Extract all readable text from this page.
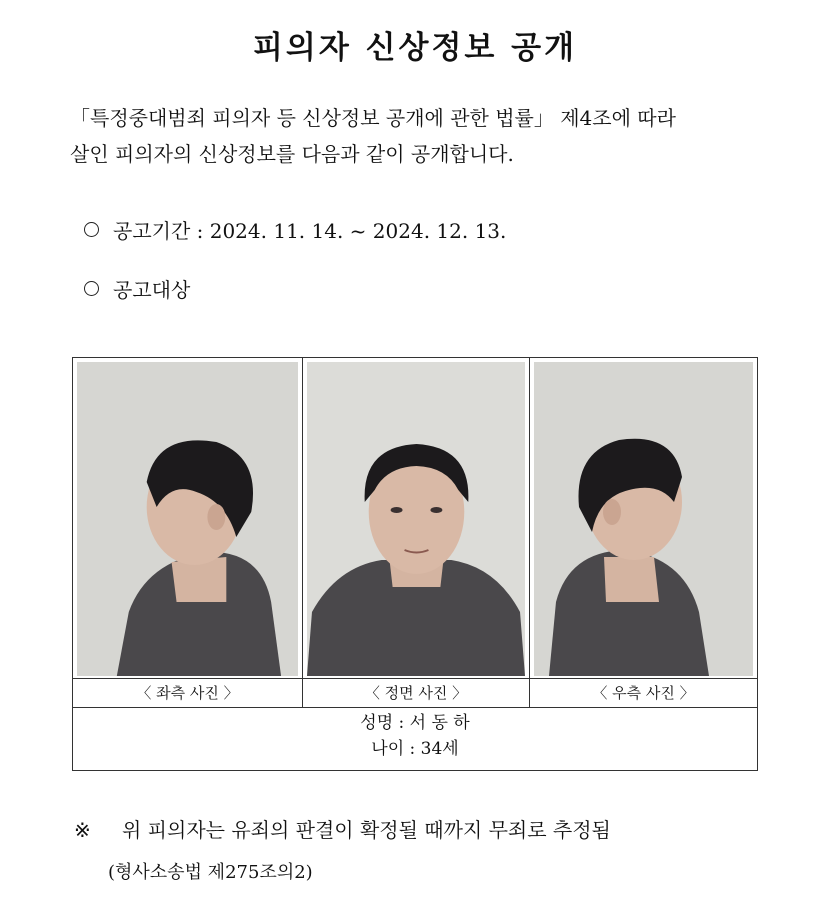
피의자 신상정보 공개
「특정중대범죄 피의자 등 신상정보 공개에 관한 법률」 제4조에 따라
살인 피의자의 신상정보를 다음과 같이 공개합니다.
공고기간 : 2024. 11. 14. ~ 2024. 12. 13.
공고대상
〈 좌측 사진 〉	〈 정면 사진 〉	〈 우측 사진 〉
성명 : 서 동 하
나이 : 34세
※ 위 피의자는 유죄의 판결이 확정될 때까지 무죄로 추정됨
(형사소송법 제275조의2)
